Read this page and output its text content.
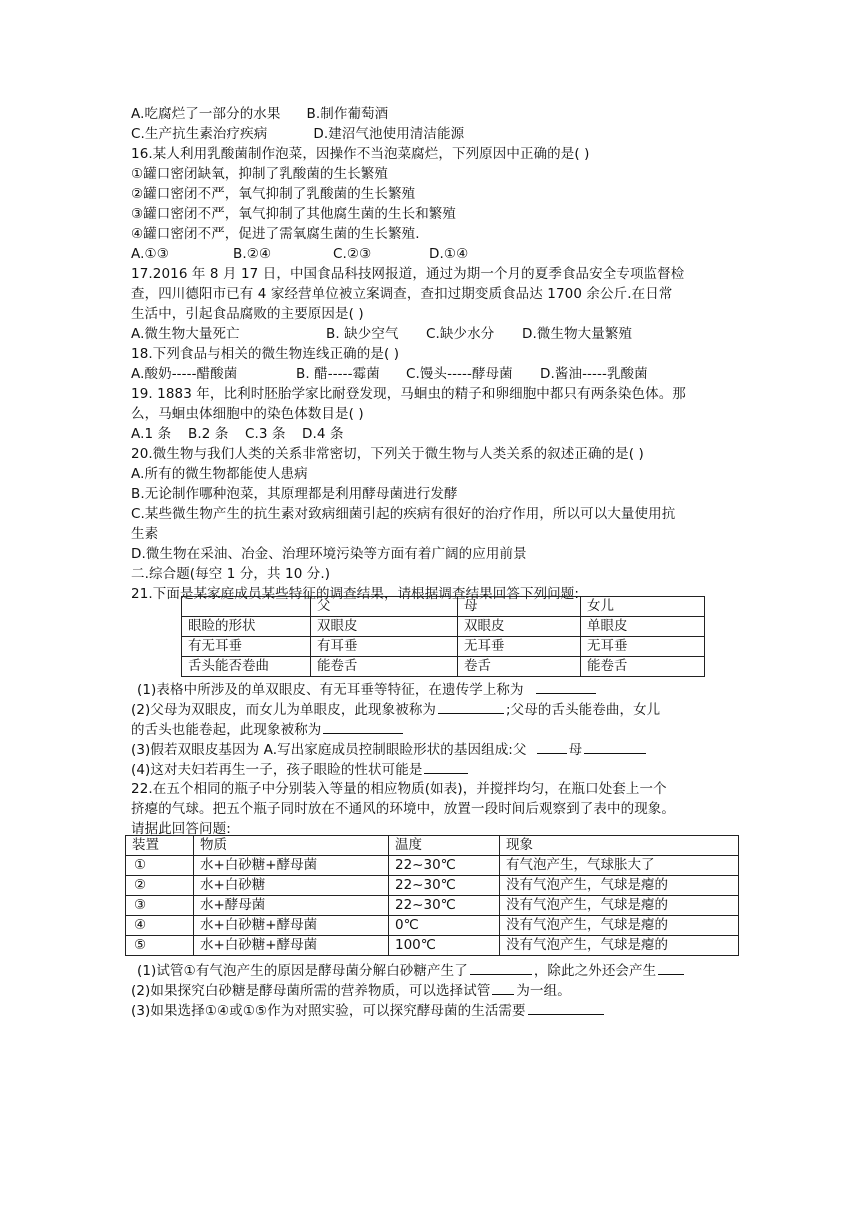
A.吃腐烂了一部分的水果 B.制作葡萄酒
C.生产抗生素治疗疾病	D.建沼气池使用清洁能源
16.某人利用乳酸菌制作泡菜，因操作不当泡菜腐烂，下列原因中正确的是( )
①罐口密闭缺氧，抑制了乳酸菌的生长繁殖
②罐口密闭不严，氧气抑制了乳酸菌的生长繁殖
③罐口密闭不严，氧气抑制了其他腐生菌的生长和繁殖
④罐口密闭不严，促进了需氧腐生菌的生长繁殖.
A.①③	B.②④	C.②③	D.①④
17.2016 年 8 月 17 日，中国食品科技网报道，通过为期一个月的夏季食品安全专项监督检
查，四川德阳市已有 4 家经营单位被立案调查，查扣过期变质食品达 1700 余公斤.在日常
生活中，引起食品腐败的主要原因是( )
A.微生物大量死亡	B. 缺少空气 C.缺少水分 D.微生物大量繁殖
18.下列食品与相关的微生物连线正确的是( )
A.酸奶-----醋酸菌	B. 醋-----霉菌 C.馒头-----酵母菌 D.酱油-----乳酸菌
19. 1883 年，比利时胚胎学家比耐登发现，马蛔虫的精子和卵细胞中都只有两条染色体。那
么，马蛔虫体细胞中的染色体数目是( )
A.1 条 B.2 条 C.3 条 D.4 条
20.微生物与我们人类的关系非常密切，下列关于微生物与人类关系的叙述正确的是( )
A.所有的微生物都能使人患病
B.无论制作哪种泡菜，其原理都是利用酵母菌进行发酵
C.某些微生物产生的抗生素对致病细菌引起的疾病有很好的治疗作用，所以可以大量使用抗
生素
D.微生物在采油、冶金、治理环境污染等方面有着广阔的应用前景
二.综合题(每空 1 分，共 10 分.)
21.下面是某家庭成员某些特征的调查结果，请根据调查结果回答下列问题:
	父	母	女儿
眼睑的形状	双眼皮	双眼皮	单眼皮
有无耳垂	有耳垂	无耳垂	无耳垂
舌头能否卷曲	能卷舌	卷舌	能卷舌
(1)表格中所涉及的单双眼皮、有无耳垂等特征，在遗传学上称为
(2)父母为双眼皮，而女儿为单眼皮，此现象被称为	;父母的舌头能卷曲，女儿
的舌头也能卷起，此现象被称为
(3)假若双眼皮基因为 A.写出家庭成员控制眼睑形状的基因组成:父	母
(4)这对夫妇若再生一子，孩子眼睑的性状可能是
22.在五个相同的瓶子中分别装入等量的相应物质(如表)，并搅拌均匀，在瓶口处套上一个
挤瘪的气球。把五个瓶子同时放在不通风的环境中，放置一段时间后观察到了表中的现象。
请据此回答问题:
装置	物质	温度	现象
①	水+白砂糖+酵母菌	22~30℃	有气泡产生，气球胀大了
②	水+白砂糖	22~30℃	没有气泡产生，气球是瘪的
③	水+酵母菌	22~30℃	没有气泡产生，气球是瘪的
④	水+白砂糖+酵母菌	0℃	没有气泡产生，气球是瘪的
⑤	水+白砂糖+酵母菌	100℃	没有气泡产生，气球是瘪的
(1)试管①有气泡产生的原因是酵母菌分解白砂糖产生了	，除此之外还会产生
(2)如果探究白砂糖是酵母菌所需的营养物质，可以选择试管 为一组。
(3)如果选择①④或①⑤作为对照实验，可以探究酵母菌的生活需要
